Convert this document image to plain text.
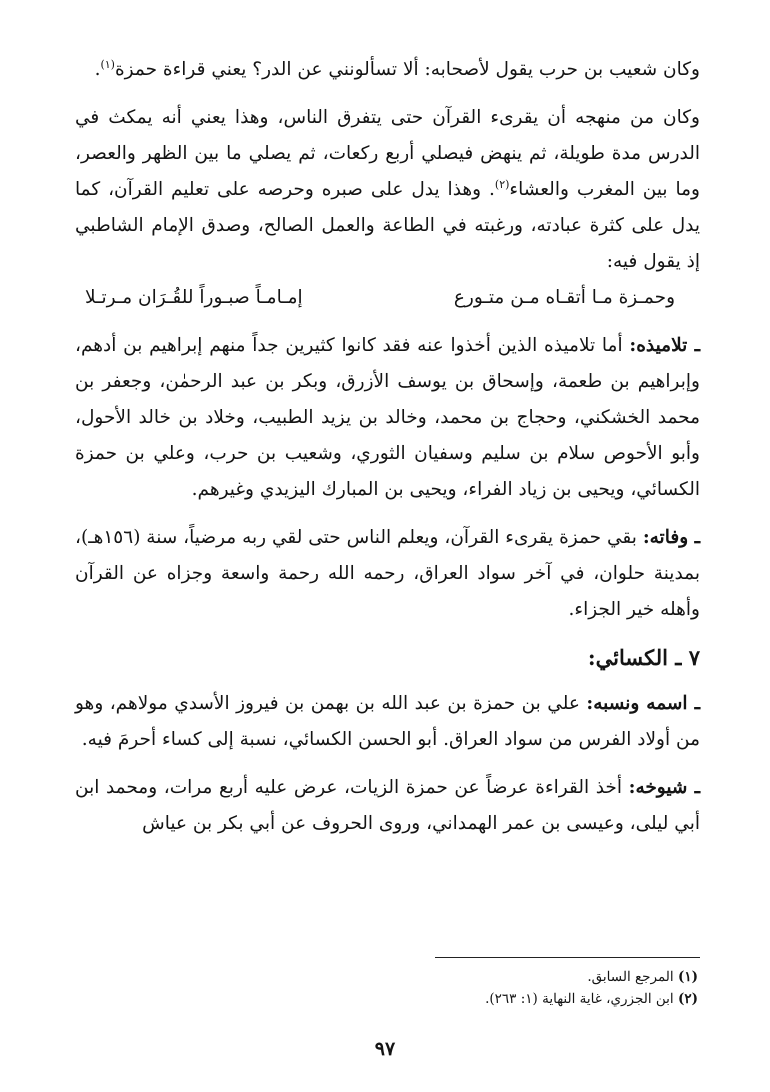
وكان شعيب بن حرب يقول لأصحابه: ألا تسألونني عن الدر؟ يعني قراءة حمزة$^{(١)}$.

وكان من منهجه أن يقرىء القرآن حتى يتفرق الناس، وهذا يعني أنه يمكث في الدرس مدة طويلة، ثم ينهض فيصلي أربع ركعات، ثم يصلي ما بين الظهر والعصر، وما بين المغرب والعشاء$^{(٢)}$. وهذا يدل على صبره وحرصه على تعليم القرآن، كما يدل على كثرة عبادته، ورغبته في الطاعة والعمل الصالح، وصدق الإمام الشاطبي إذ يقول فيه:

وحمـزة مـا أتقـاه مـن متـورع
إمـامـاً صبـوراً للقُـرَان مـرتـلا

ـ تلاميذه: أما تلاميذه الذين أخذوا عنه فقد كانوا كثيرين جداً منهم إبراهيم بن أدهم، وإبراهيم بن طعمة، وإسحاق بن يوسف الأزرق، وبكر بن عبد الرحمٰن، وجعفر بن محمد الخشكني، وحجاج بن محمد، وخالد بن يزيد الطبيب، وخلاد بن خالد الأحول، وأبو الأحوص سلام بن سليم وسفيان الثوري، وشعيب بن حرب، وعلي بن حمزة الكسائي، ويحيى بن زياد الفراء، ويحيى بن المبارك اليزيدي وغيرهم.

ـ وفاته: بقي حمزة يقرىء القرآن، ويعلم الناس حتى لقي ربه مرضياً، سنة (١٥٦هـ)، بمدينة حلوان، في آخر سواد العراق، رحمه الله رحمة واسعة وجزاه عن القرآن وأهله خير الجزاء.

٧ ـ الكسائي:

ـ اسمه ونسبه: علي بن حمزة بن عبد الله بن بهمن بن فيروز الأسدي مولاهم، وهو من أولاد الفرس من سواد العراق. أبو الحسن الكسائي، نسبة إلى كساء أحرمَ فيه.

ـ شيوخه: أخذ القراءة عرضاً عن حمزة الزيات، عرض عليه أربع مرات، ومحمد ابن أبي ليلى، وعيسى بن عمر الهمداني، وروى الحروف عن أبي بكر بن عياش

(١) المرجع السابق.
(٢) ابن الجزري، غاية النهاية (١: ٢٦٣).
٩٧
